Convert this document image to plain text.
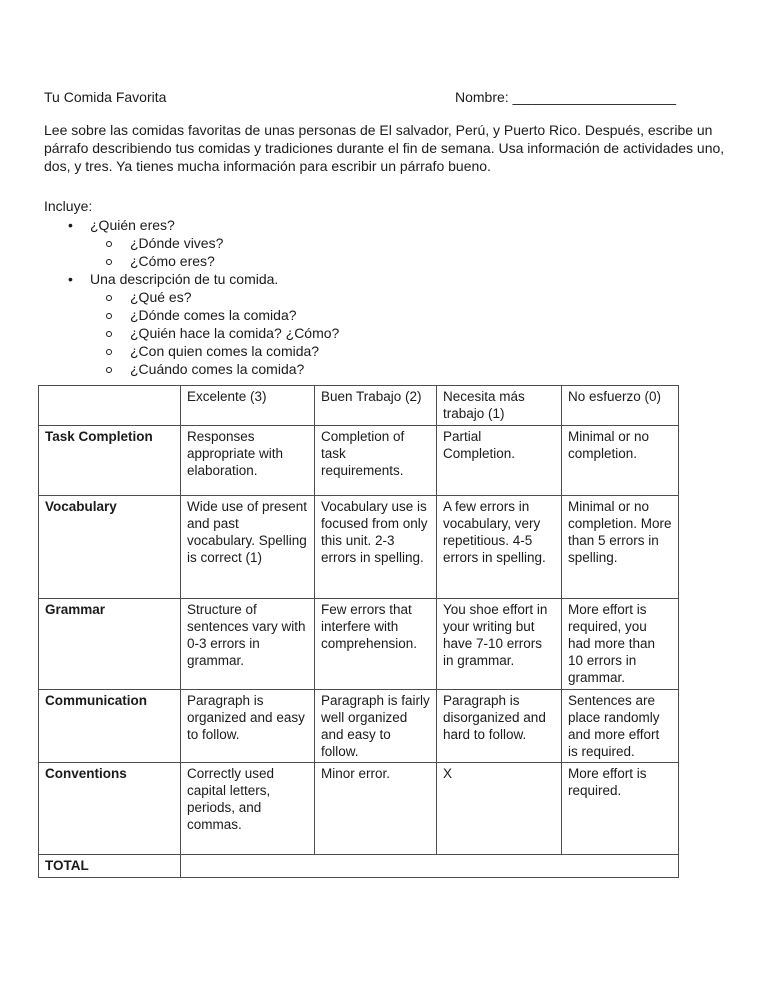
Tu Comida Favorita	Nombre: _____________________
Lee sobre las comidas favoritas de unas personas de El salvador, Perú, y Puerto Rico. Después, escribe un párrafo describiendo tus comidas y tradiciones durante el fin de semana. Usa información de actividades uno, dos, y tres. Ya tienes mucha información para escribir un párrafo bueno.
Incluye:
• ¿Quién eres?
¿Dónde vives?
¿Cómo eres?
• Una descripción de tu comida.
¿Qué es?
¿Dónde comes la comida?
¿Quién hace la comida? ¿Cómo?
¿Con quien comes la comida?
¿Cuándo comes la comida?
	Excelente (3)	Buen Trabajo (2)	Necesita más trabajo (1)	No esfuerzo (0)
Task Completion	Responses appropriate with elaboration.	Completion of task requirements.	Partial Completion.	Minimal or no completion.
Vocabulary	Wide use of present and past vocabulary. Spelling is correct (1)	Vocabulary use is focused from only this unit. 2-3 errors in spelling.	A few errors in vocabulary, very repetitious. 4-5 errors in spelling.	Minimal or no completion. More than 5 errors in spelling.
Grammar	Structure of sentences vary with 0-3 errors in grammar.	Few errors that interfere with comprehension.	You shoe effort in your writing but have 7-10 errors in grammar.	More effort is required, you had more than 10 errors in grammar.
Communication	Paragraph is organized and easy to follow.	Paragraph is fairly well organized and easy to follow.	Paragraph is disorganized and hard to follow.	Sentences are place randomly and more effort is required.
Conventions	Correctly used capital letters, periods, and commas.	Minor error.	X	More effort is required.
TOTAL				
